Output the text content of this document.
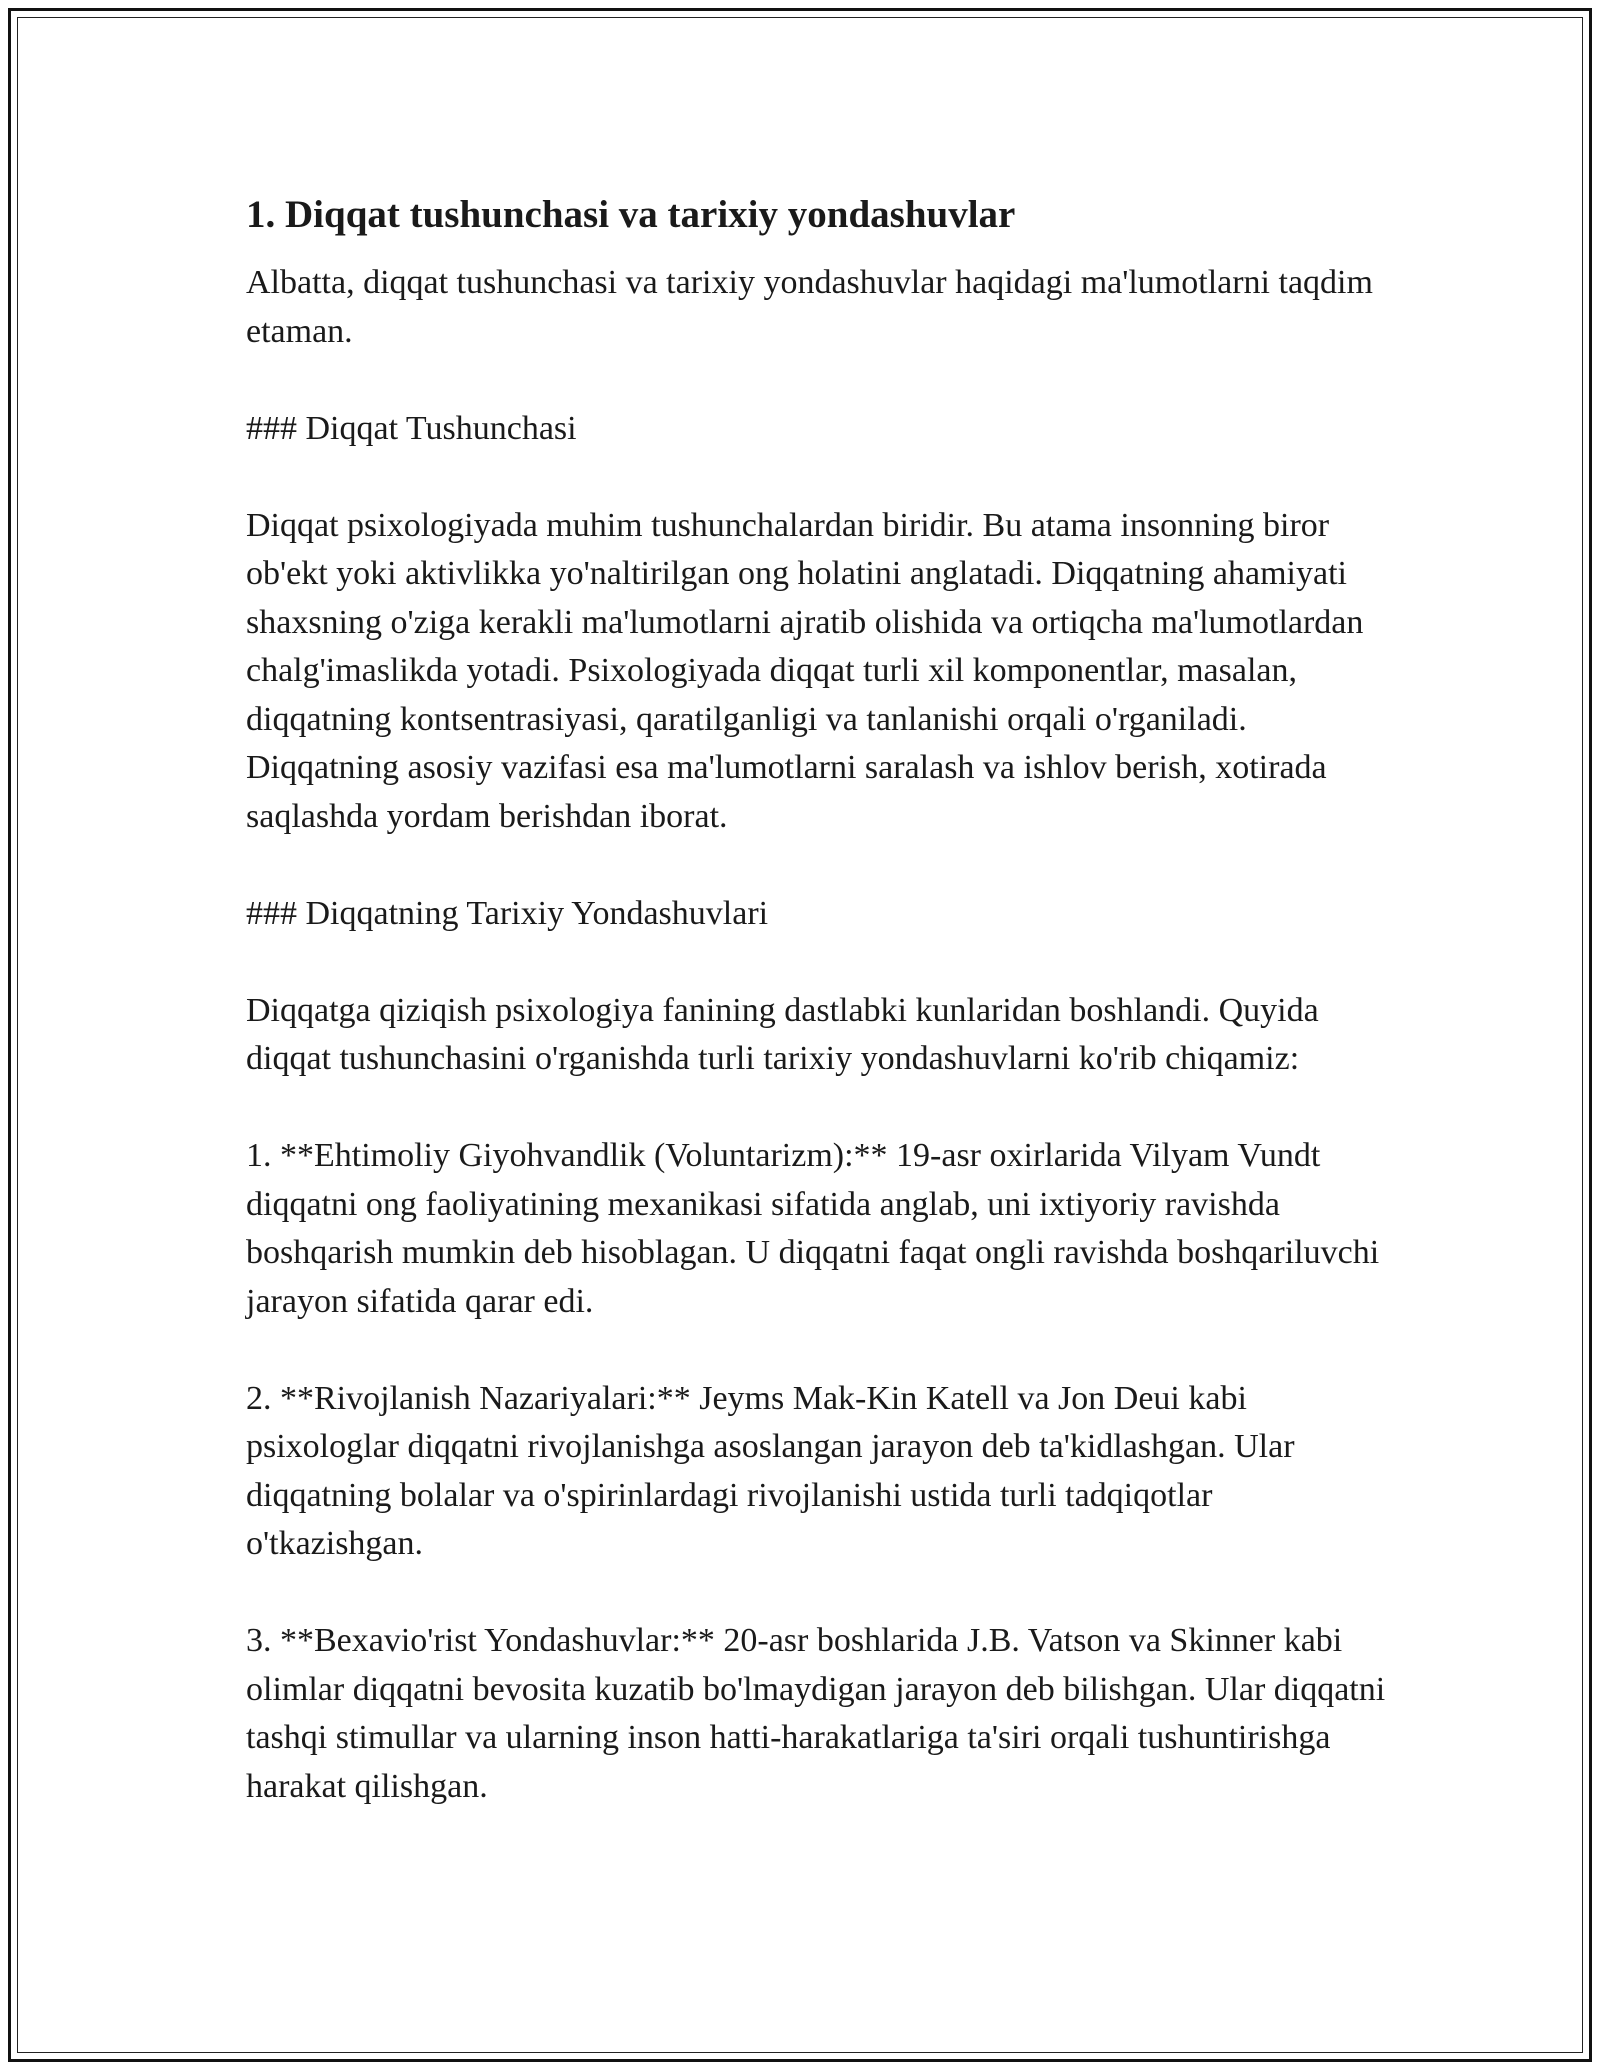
1. Diqqat tushunchasi va tarixiy yondashuvlar

Albatta, diqqat tushunchasi va tarixiy yondashuvlar haqidagi ma'lumotlarni taqdim etaman.

### Diqqat Tushunchasi

Diqqat psixologiyada muhim tushunchalardan biridir. Bu atama insonning biror ob'ekt yoki aktivlikka yo'naltirilgan ong holatini anglatadi. Diqqatning ahamiyati shaxsning o'ziga kerakli ma'lumotlarni ajratib olishida va ortiqcha ma'lumotlardan chalg'imaslikda yotadi. Psixologiyada diqqat turli xil komponentlar, masalan, diqqatning kontsentrasiyasi, qaratilganligi va tanlanishi orqali o'rganiladi. Diqqatning asosiy vazifasi esa ma'lumotlarni saralash va ishlov berish, xotirada saqlashda yordam berishdan iborat.

### Diqqatning Tarixiy Yondashuvlari

Diqqatga qiziqish psixologiya fanining dastlabki kunlaridan boshlandi. Quyida diqqat tushunchasini o'rganishda turli tarixiy yondashuvlarni ko'rib chiqamiz:

1. **Ehtimoliy Giyohvandlik (Voluntarizm):** 19-asr oxirlarida Vilyam Vundt diqqatni ong faoliyatining mexanikasi sifatida anglab, uni ixtiyoriy ravishda boshqarish mumkin deb hisoblagan. U diqqatni faqat ongli ravishda boshqariluvchi jarayon sifatida qarar edi.

2. **Rivojlanish Nazariyalari:** Jeyms Mak-Kin Katell va Jon Deui kabi psixologlar diqqatni rivojlanishga asoslangan jarayon deb ta'kidlashgan. Ular diqqatning bolalar va o'spirinlardagi rivojlanishi ustida turli tadqiqotlar o'tkazishgan.

3. **Bexavio'rist Yondashuvlar:** 20-asr boshlarida J.B. Vatson va Skinner kabi olimlar diqqatni bevosita kuzatib bo'lmaydigan jarayon deb bilishgan. Ular diqqatni tashqi stimullar va ularning inson hatti-harakatlariga ta'siri orqali tushuntirishga harakat qilishgan.
